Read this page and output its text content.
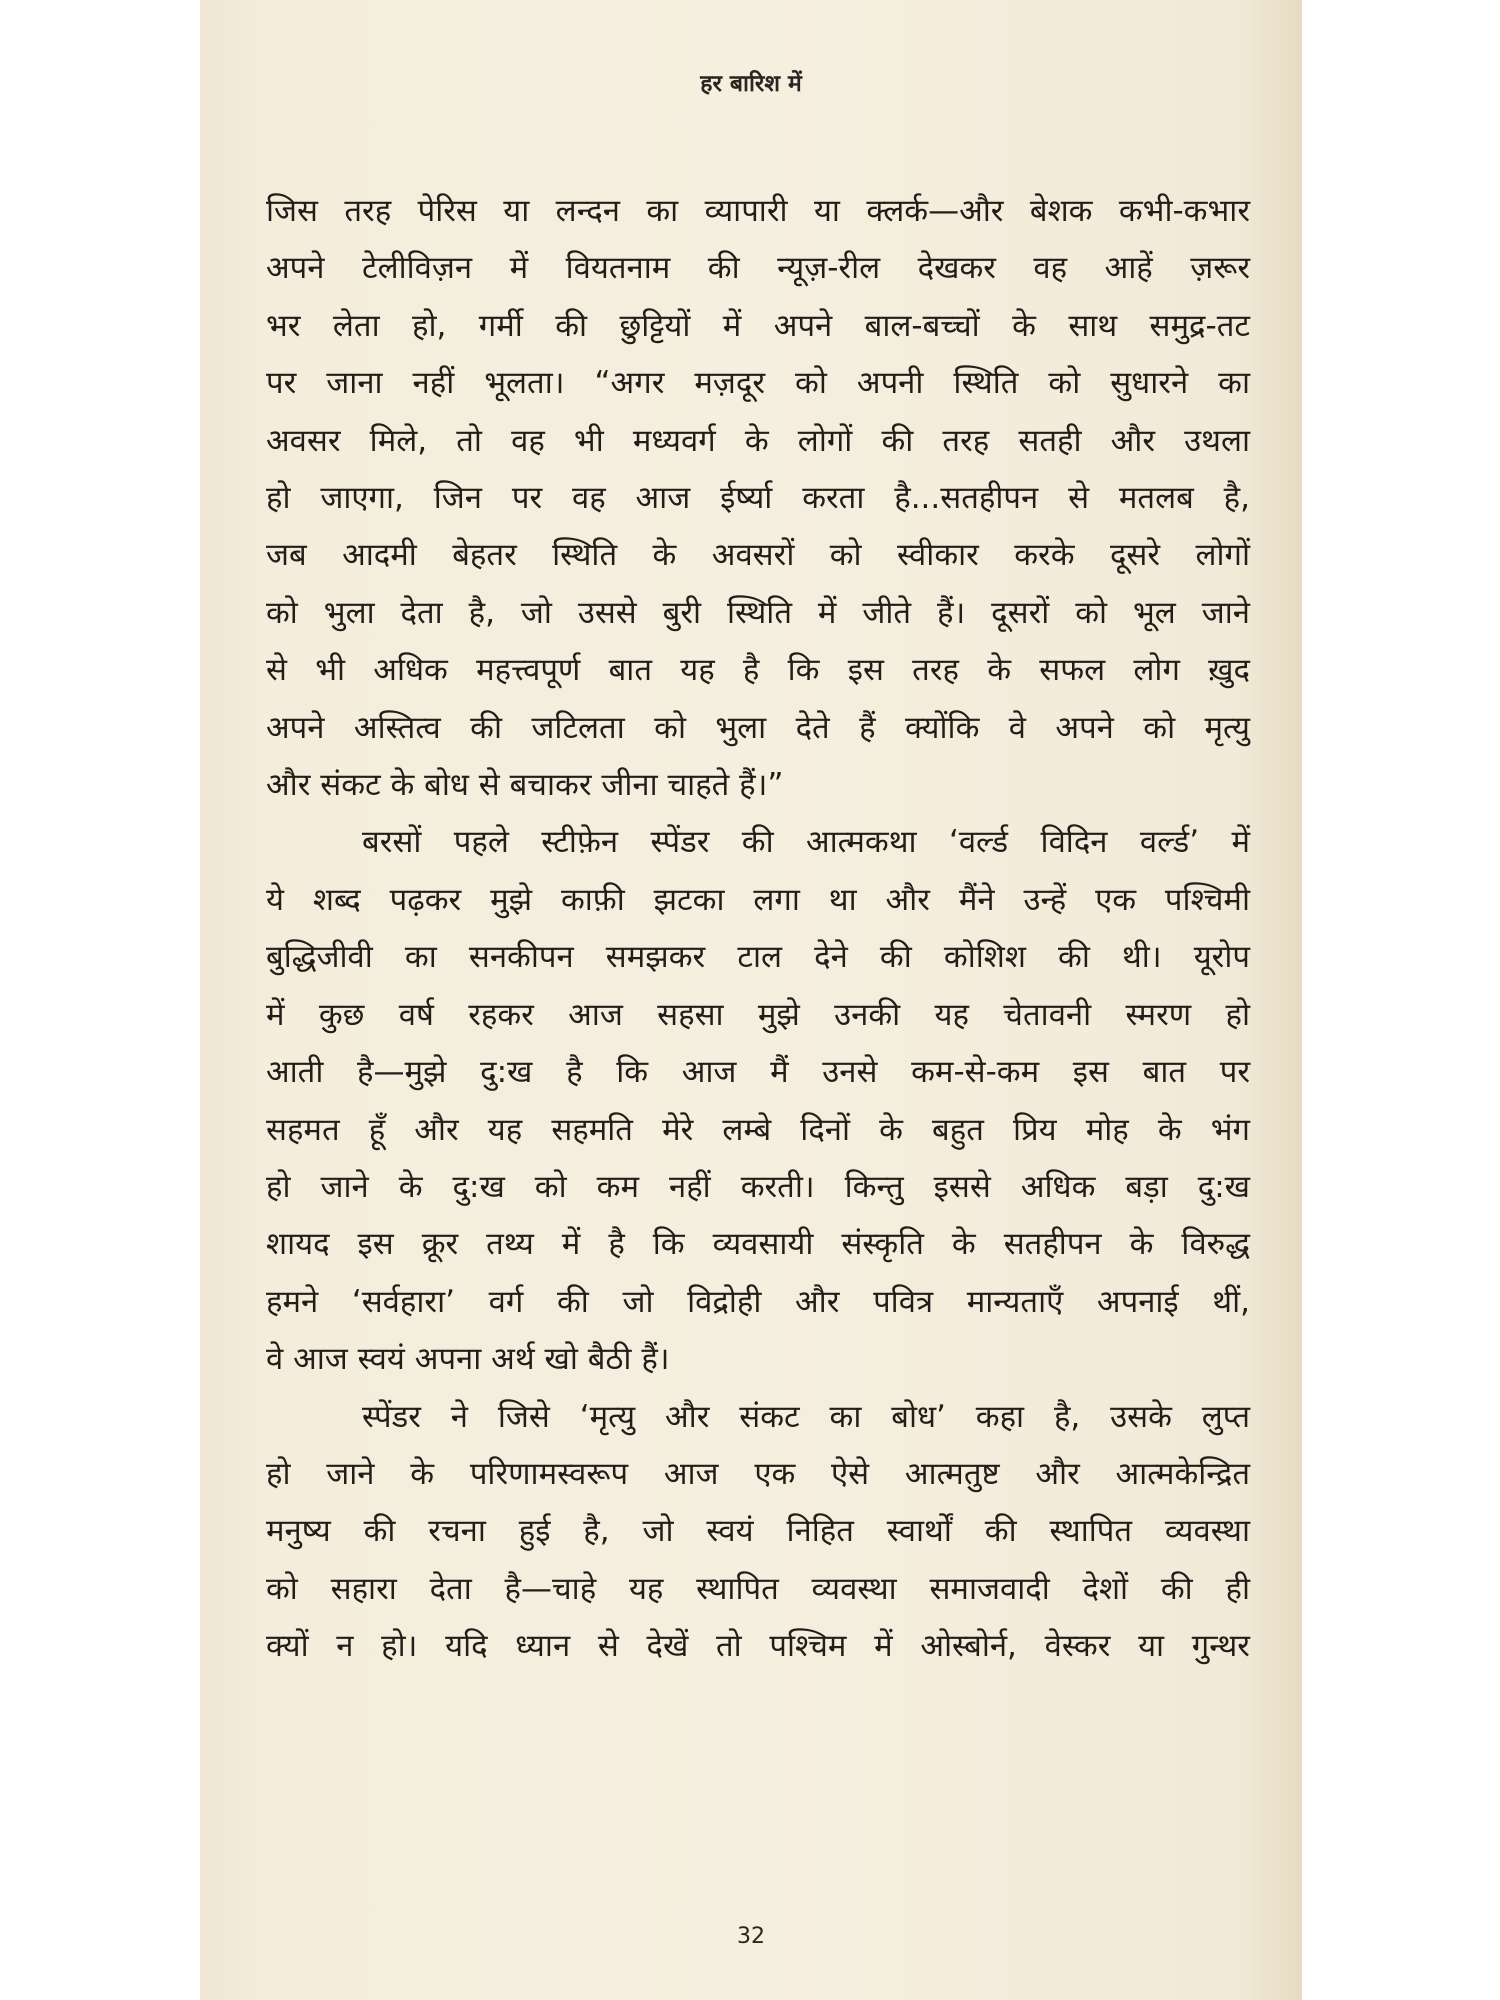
हर बारिश में
जिस तरह पेरिस या लन्दन का व्यापारी या क्लर्क—और बेशक कभी-कभार
अपने टेलीविज़न में वियतनाम की न्यूज़-रील देखकर वह आहें ज़रूर
भर लेता हो, गर्मी की छुट्टियों में अपने बाल-बच्चों के साथ समुद्र-तट
पर जाना नहीं भूलता। “अगर मज़दूर को अपनी स्थिति को सुधारने का
अवसर मिले, तो वह भी मध्यवर्ग के लोगों की तरह सतही और उथला
हो जाएगा, जिन पर वह आज ईर्ष्या करता है...सतहीपन से मतलब है,
जब आदमी बेहतर स्थिति के अवसरों को स्वीकार करके दूसरे लोगों
को भुला देता है, जो उससे बुरी स्थिति में जीते हैं। दूसरों को भूल जाने
से भी अधिक महत्त्वपूर्ण बात यह है कि इस तरह के सफल लोग ख़ुद
अपने अस्तित्व की जटिलता को भुला देते हैं क्योंकि वे अपने को मृत्यु
और संकट के बोध से बचाकर जीना चाहते हैं।”
बरसों पहले स्टीफ़ेन स्पेंडर की आत्मकथा ‘वर्ल्ड विदिन वर्ल्ड’ में
ये शब्द पढ़कर मुझे काफ़ी झटका लगा था और मैंने उन्हें एक पश्चिमी
बुद्धिजीवी का सनकीपन समझकर टाल देने की कोशिश की थी। यूरोप
में कुछ वर्ष रहकर आज सहसा मुझे उनकी यह चेतावनी स्मरण हो
आती है—मुझे दु:ख है कि आज मैं उनसे कम-से-कम इस बात पर
सहमत हूँ और यह सहमति मेरे लम्बे दिनों के बहुत प्रिय मोह के भंग
हो जाने के दु:ख को कम नहीं करती। किन्तु इससे अधिक बड़ा दु:ख
शायद इस क्रूर तथ्य में है कि व्यवसायी संस्कृति के सतहीपन के विरुद्ध
हमने ‘सर्वहारा’ वर्ग की जो विद्रोही और पवित्र मान्यताएँ अपनाई थीं,
वे आज स्वयं अपना अर्थ खो बैठी हैं।
स्पेंडर ने जिसे ‘मृत्यु और संकट का बोध’ कहा है, उसके लुप्त
हो जाने के परिणामस्वरूप आज एक ऐसे आत्मतुष्ट और आत्मकेन्द्रित
मनुष्य की रचना हुई है, जो स्वयं निहित स्वार्थों की स्थापित व्यवस्था
को सहारा देता है—चाहे यह स्थापित व्यवस्था समाजवादी देशों की ही
क्यों न हो। यदि ध्यान से देखें तो पश्चिम में ओस्बोर्न, वेस्कर या गुन्थर
32
